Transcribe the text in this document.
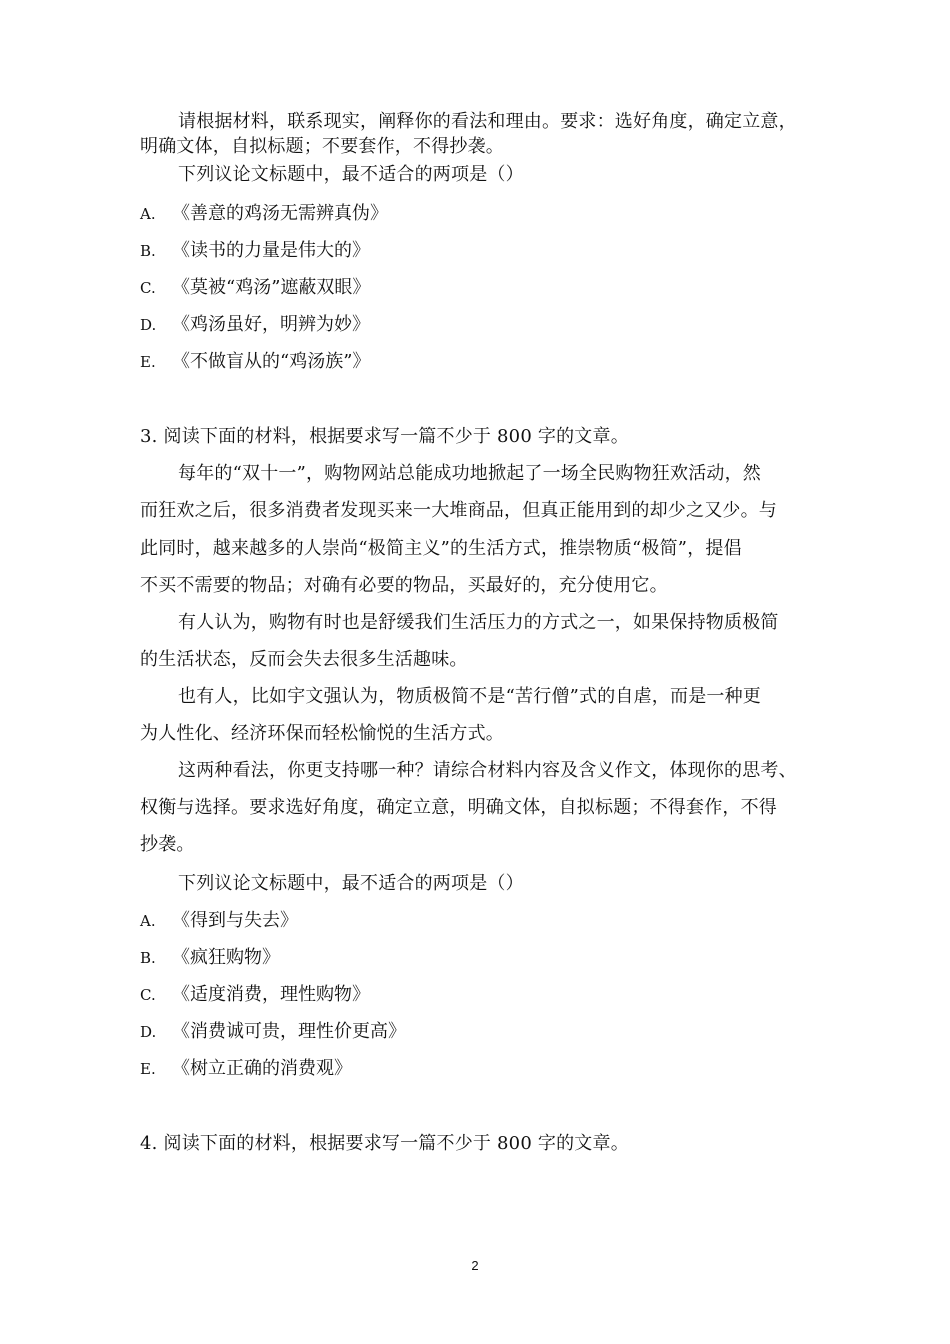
请根据材料，联系现实，阐释你的看法和理由。要求：选好角度，确定立意，
明确文体，自拟标题；不要套作，不得抄袭。
下列议论文标题中，最不适合的两项是（）
A. 《善意的鸡汤无需辨真伪》
B. 《读书的力量是伟大的》
C. 《莫被“鸡汤”遮蔽双眼》
D. 《鸡汤虽好，明辨为妙》
E. 《不做盲从的“鸡汤族”》
3. 阅读下面的材料，根据要求写一篇不少于 800 字的文章。
每年的“双十一”，购物网站总能成功地掀起了一场全民购物狂欢活动，然
而狂欢之后，很多消费者发现买来一大堆商品，但真正能用到的却少之又少。与
此同时，越来越多的人崇尚“极简主义”的生活方式，推崇物质“极简”，提倡
不买不需要的物品；对确有必要的物品，买最好的，充分使用它。
有人认为，购物有时也是舒缓我们生活压力的方式之一，如果保持物质极简
的生活状态，反而会失去很多生活趣味。
也有人，比如宇文强认为，物质极简不是“苦行僧”式的自虐，而是一种更
为人性化、经济环保而轻松愉悦的生活方式。
这两种看法，你更支持哪一种？请综合材料内容及含义作文，体现你的思考、
权衡与选择。要求选好角度，确定立意，明确文体，自拟标题；不得套作，不得
抄袭。
下列议论文标题中，最不适合的两项是（）
A. 《得到与失去》
B. 《疯狂购物》
C. 《适度消费，理性购物》
D. 《消费诚可贵，理性价更高》
E. 《树立正确的消费观》
4. 阅读下面的材料，根据要求写一篇不少于 800 字的文章。
2
